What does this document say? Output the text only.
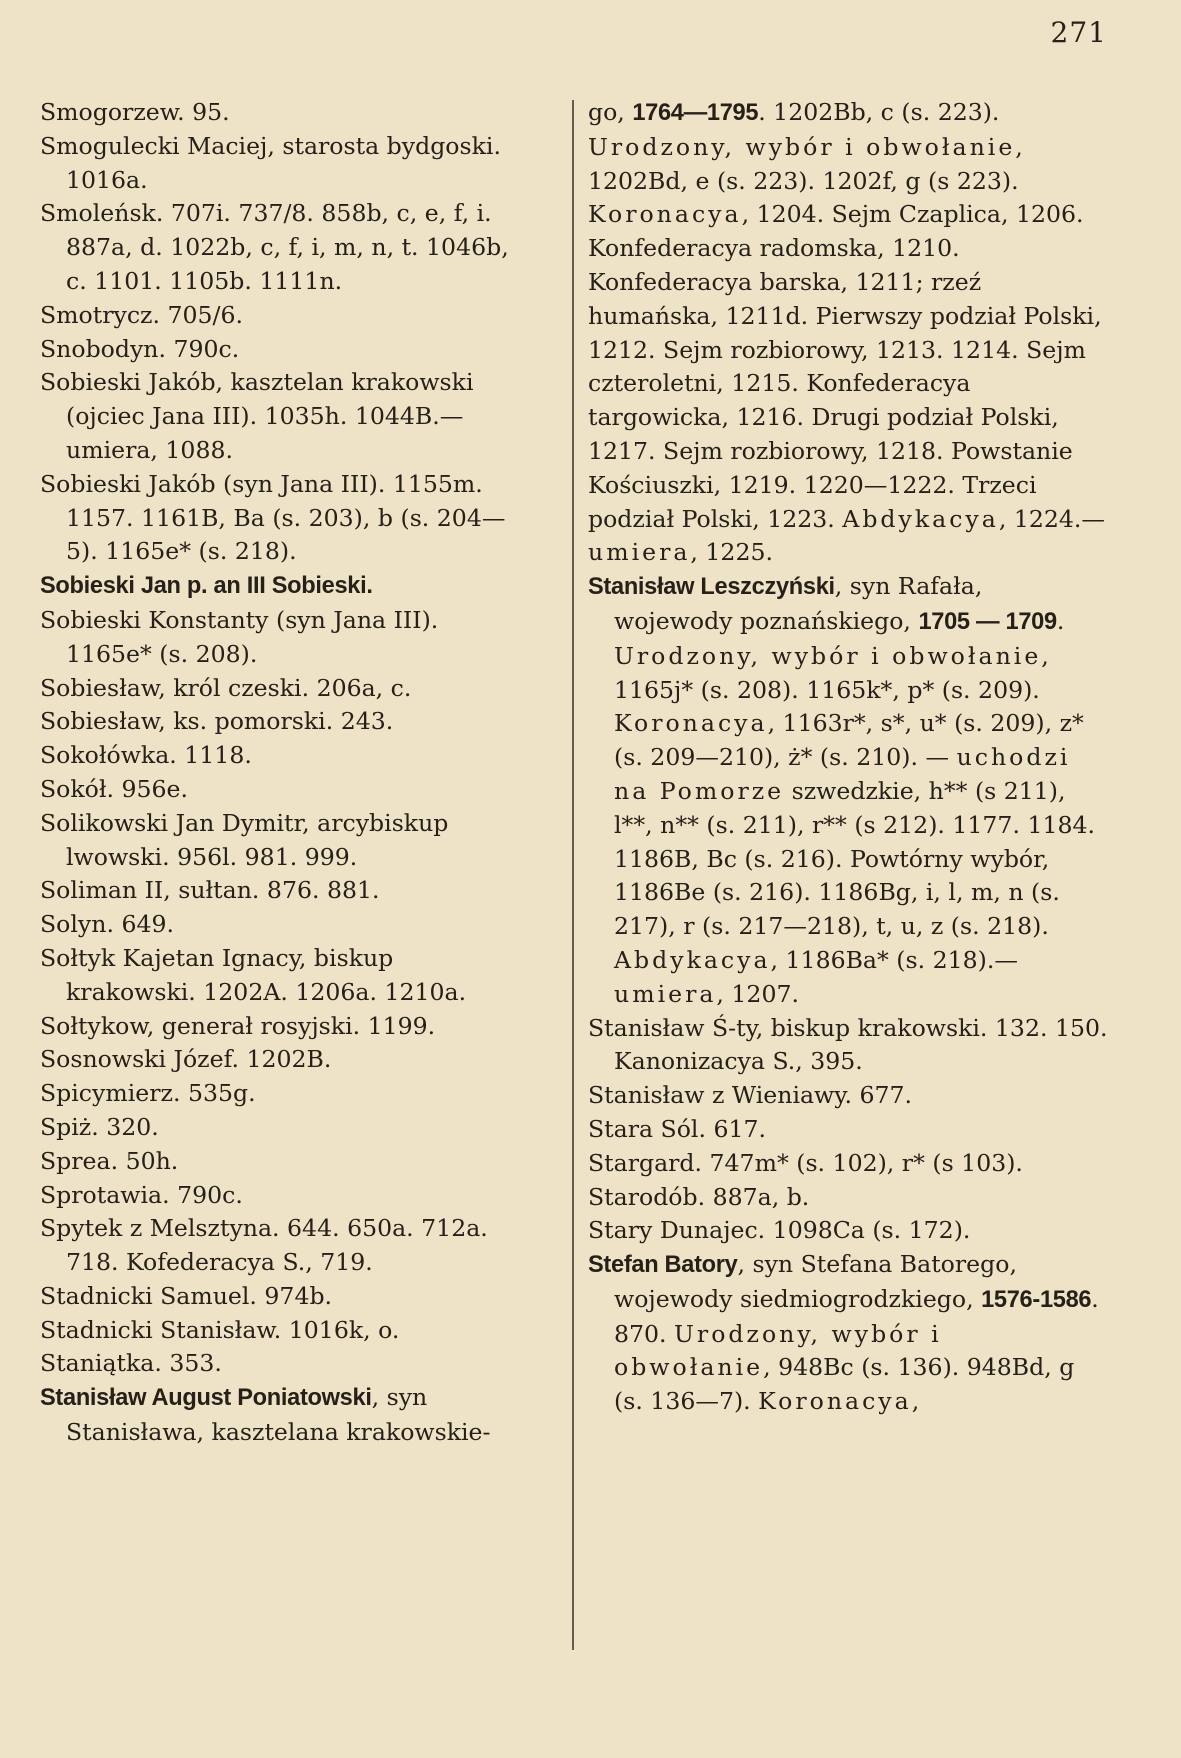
271

Smogorzew. 95.

Smogulecki Maciej, starosta bydgoski. 1016a.

Smoleńsk. 707i. 737/8. 858b, c, e, f, i. 887a, d. 1022b, c, f, i, m, n, t. 1046b, c. 1101. 1105b. 1111n.

Smotrycz. 705/6.

Snobodyn. 790c.

Sobieski Jakób, kasztelan krakowski (ojciec Jana III). 1035h. 1044B.— umiera, 1088.

Sobieski Jakób (syn Jana III). 1155m. 1157. 1161B, Ba (s. 203), b (s. 204—5). 1165e* (s. 218).

Sobieski Jan p. an III Sobieski.

Sobieski Konstanty (syn Jana III). 1165e* (s. 208).

Sobiesław, król czeski. 206a, c.

Sobiesław, ks. pomorski. 243.

Sokołówka. 1118.

Sokół. 956e.

Solikowski Jan Dymitr, arcybiskup lwowski. 956l. 981. 999.

Soliman II, sułtan. 876. 881.

Solyn. 649.

Sołtyk Kajetan Ignacy, biskup krakowski. 1202A. 1206a. 1210a.

Sołtykow, generał rosyjski. 1199.

Sosnowski Józef. 1202B.

Spicymierz. 535g.

Spiż. 320.

Sprea. 50h.

Sprotawia. 790c.

Spytek z Melsztyna. 644. 650a. 712a. 718. Kofederacya S., 719.

Stadnicki Samuel. 974b.

Stadnicki Stanisław. 1016k, o.

Staniątka. 353.

Stanisław August Poniatowski, syn Stanisława, kasztelana krakowskie-

go, 1764—1795. 1202Bb, c (s. 223). Urodzony, wybór i obwołanie, 1202Bd, e (s. 223). 1202f, g (s 223). Koronacya, 1204. Sejm Czaplica, 1206. Konfederacya radomska, 1210. Konfederacya barska, 1211; rzeź humańska, 1211d. Pierwszy podział Polski, 1212. Sejm rozbiorowy, 1213. 1214. Sejm czteroletni, 1215. Konfederacya targowicka, 1216. Drugi podział Polski, 1217. Sejm rozbiorowy, 1218. Powstanie Kościuszki, 1219. 1220—1222. Trzeci podział Polski, 1223. Abdykacya, 1224.—umiera, 1225.

Stanisław Leszczyński, syn Rafała, wojewody poznańskiego, 1705 — 1709. Urodzony, wybór i obwołanie, 1165j* (s. 208). 1165k*, p* (s. 209). Koronacya, 1163r*, s*, u* (s. 209), z* (s. 209—210), ż* (s. 210). — uchodzi na Pomorze szwedzkie, h** (s 211), l**, n** (s. 211), r** (s 212). 1177. 1184. 1186B, Bc (s. 216). Powtórny wybór, 1186Be (s. 216). 1186Bg, i, l, m, n (s. 217), r (s. 217—218), t, u, z (s. 218). Abdykacya, 1186Ba* (s. 218).—umiera, 1207.

Stanisław Ś-ty, biskup krakowski. 132. 150. Kanonizacya S., 395.

Stanisław z Wieniawy. 677.

Stara Sól. 617.

Stargard. 747m* (s. 102), r* (s 103).

Starodób. 887a, b.

Stary Dunajec. 1098Ca (s. 172).

Stefan Batory, syn Stefana Batorego, wojewody siedmiogrodzkiego, 1576-1586. 870. Urodzony, wybór i obwołanie, 948Bc (s. 136). 948Bd, g (s. 136—7). Koronacya,
